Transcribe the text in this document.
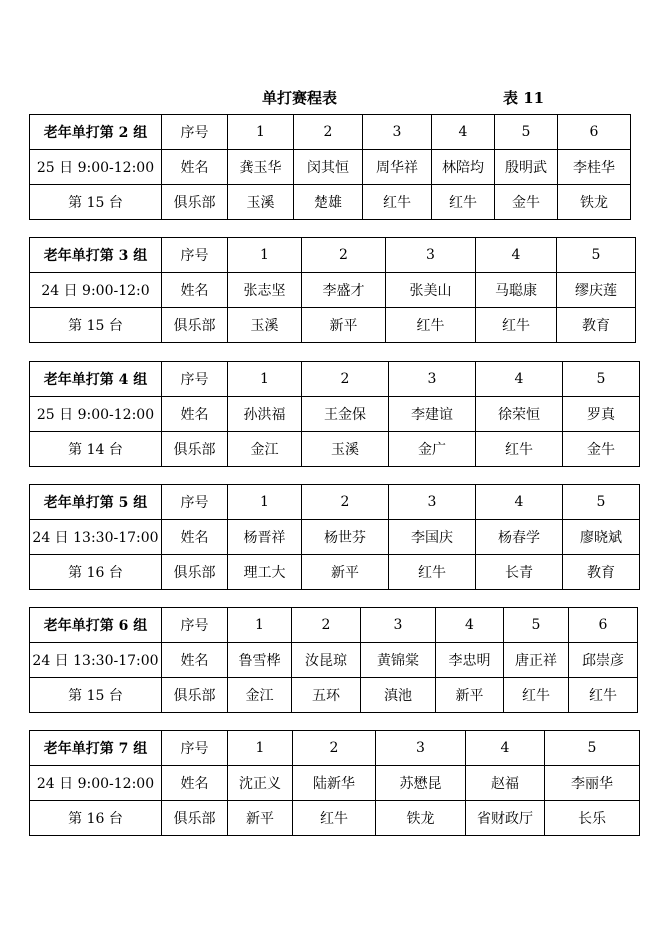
单打赛程表	表 11
老年单打第 2 组	序号	1	2	3	4	5	6
25 日 9:00-12:00	姓名	龚玉华	闵其恒	周华祥	林陪均	殷明武	李桂华
第 15 台	俱乐部	玉溪	楚雄	红牛	红牛	金牛	铁龙
老年单打第 3 组	序号	1	2	3	4	5
24 日 9:00-12:0	姓名	张志坚	李盛才	张美山	马聪康	缪庆莲
第 15 台	俱乐部	玉溪	新平	红牛	红牛	教育
老年单打第 4 组	序号	1	2	3	4	5
25 日 9:00-12:00	姓名	孙洪福	王金保	李建谊	徐荣恒	罗真
第 14 台	俱乐部	金江	玉溪	金广	红牛	金牛
老年单打第 5 组	序号	1	2	3	4	5
24 日 13:30-17:00	姓名	杨晋祥	杨世芬	李国庆	杨春学	廖晓斌
第 16 台	俱乐部	理工大	新平	红牛	长青	教育
老年单打第 6 组	序号	1	2	3	4	5	6
24 日 13:30-17:00	姓名	鲁雪桦	汝昆琼	黄锦棠	李忠明	唐正祥	邱崇彦
第 15 台	俱乐部	金江	五环	滇池	新平	红牛	红牛
老年单打第 7 组	序号	1	2	3	4	5
24 日 9:00-12:00	姓名	沈正义	陆新华	苏懋昆	赵福	李丽华
第 16 台	俱乐部	新平	红牛	铁龙	省财政厅	长乐
